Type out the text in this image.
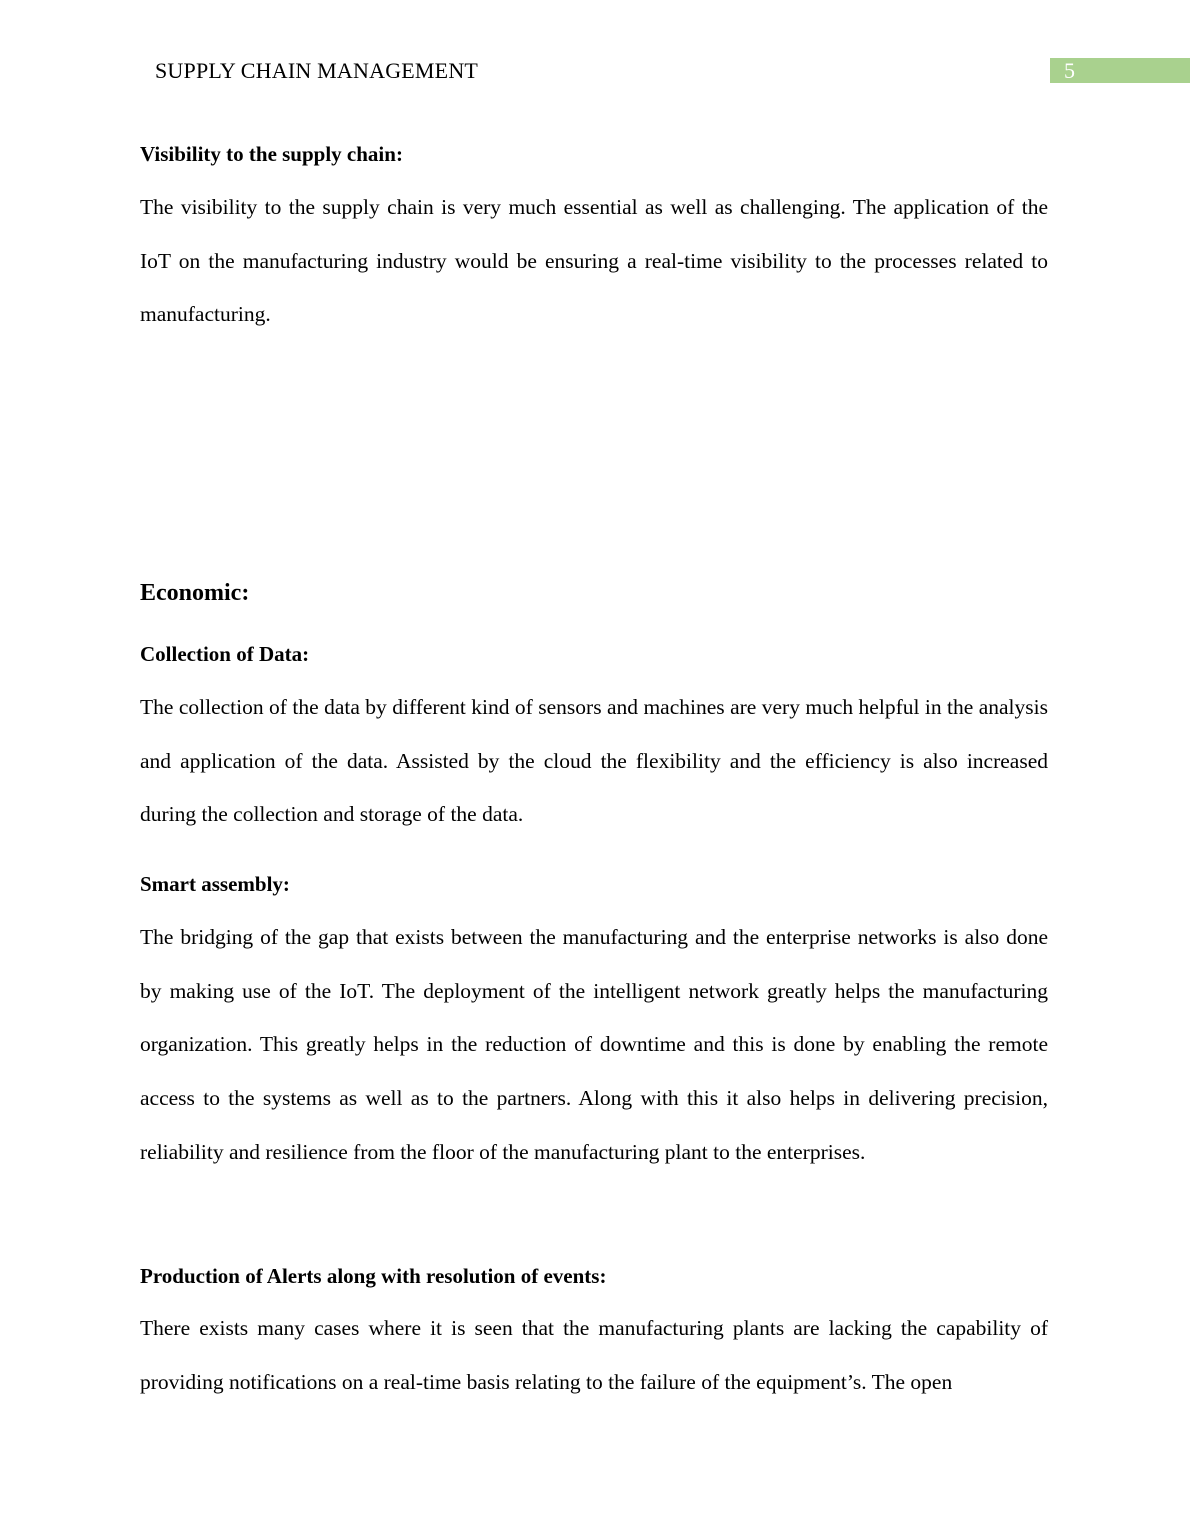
SUPPLY CHAIN MANAGEMENT	5
Visibility to the supply chain:

The visibility to the supply chain is very much essential as well as challenging. The application of the IoT on the manufacturing industry would be ensuring a real-time visibility to the processes related to manufacturing.

Economic:
Collection of Data:

The collection of the data by different kind of sensors and machines are very much helpful in the analysis and application of the data. Assisted by the cloud the flexibility and the efficiency is also increased during the collection and storage of the data.

Smart assembly:

The bridging of the gap that exists between the manufacturing and the enterprise networks is also done by making use of the IoT. The deployment of the intelligent network greatly helps the manufacturing organization. This greatly helps in the reduction of downtime and this is done by enabling the remote access to the systems as well as to the partners. Along with this it also helps in delivering precision, reliability and resilience from the floor of the manufacturing plant to the enterprises.

Production of Alerts along with resolution of events:

There exists many cases where it is seen that the manufacturing plants are lacking the capability of providing notifications on a real-time basis relating to the failure of the equipment’s. The open
